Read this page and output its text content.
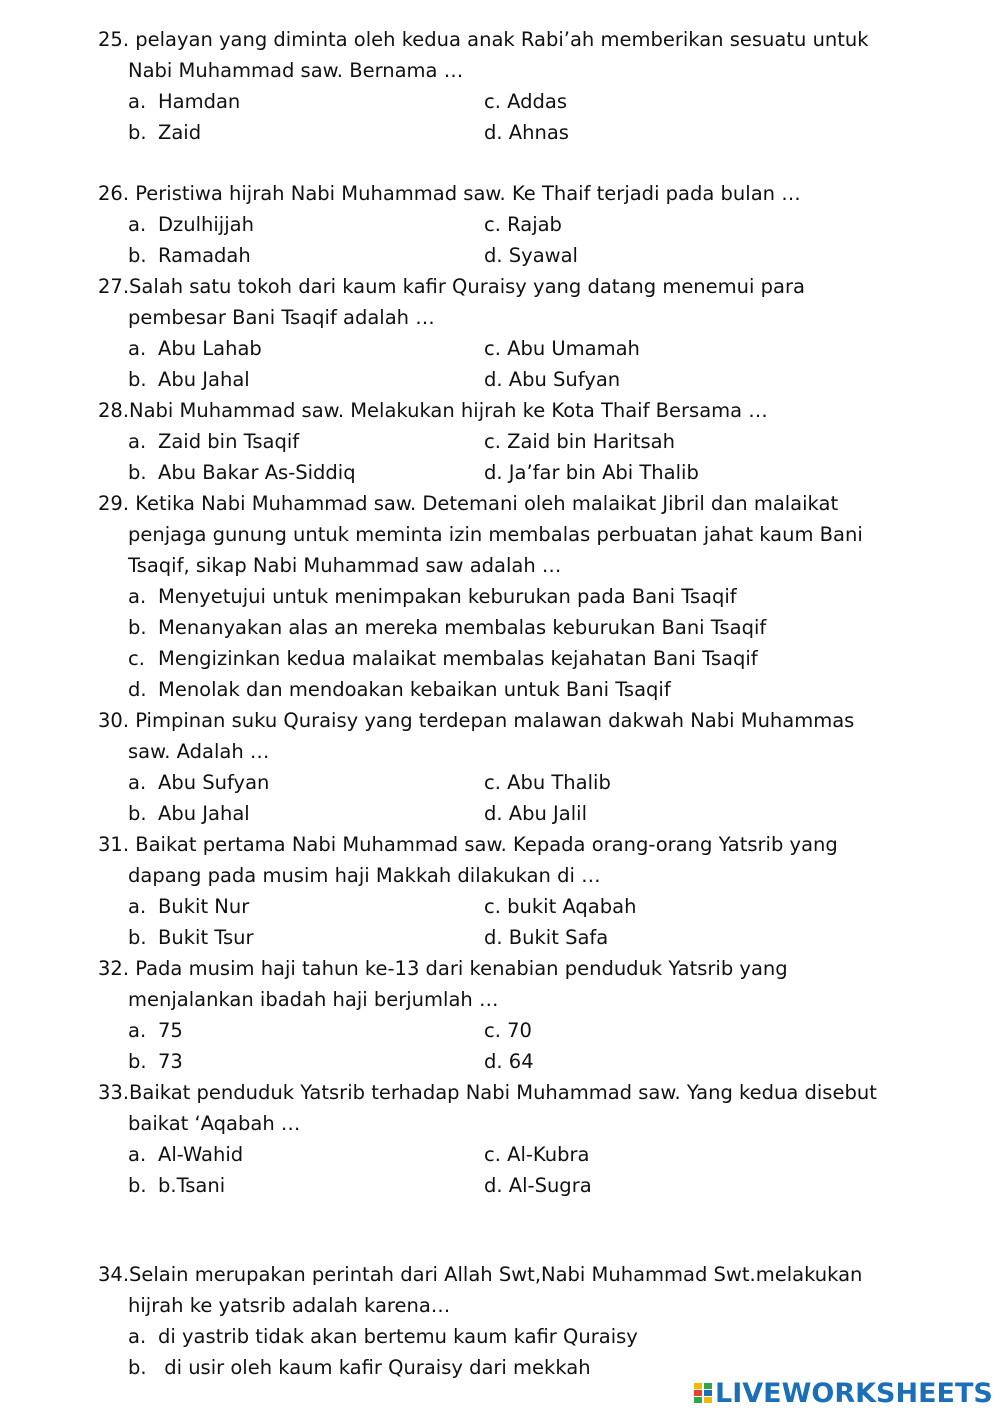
25. pelayan yang diminta oleh kedua anak Rabi’ah memberikan sesuatu untuk
Nabi Muhammad saw. Bernama …
a. Hamdan	c. Addas
b. Zaid	d. Ahnas
26. Peristiwa hijrah Nabi Muhammad saw. Ke Thaif terjadi pada bulan …
a. Dzulhijjah	c. Rajab
b. Ramadah	d. Syawal
27.Salah satu tokoh dari kaum kafir Quraisy yang datang menemui para
pembesar Bani Tsaqif adalah …
a. Abu Lahab	c. Abu Umamah
b. Abu Jahal	d. Abu Sufyan
28.Nabi Muhammad saw. Melakukan hijrah ke Kota Thaif Bersama …
a. Zaid bin Tsaqif	c. Zaid bin Haritsah
b. Abu Bakar As-Siddiq	d. Ja’far bin Abi Thalib
29. Ketika Nabi Muhammad saw. Detemani oleh malaikat Jibril dan malaikat
penjaga gunung untuk meminta izin membalas perbuatan jahat kaum Bani
Tsaqif, sikap Nabi Muhammad saw adalah …
a. Menyetujui untuk menimpakan keburukan pada Bani Tsaqif
b. Menanyakan alas an mereka membalas keburukan Bani Tsaqif
c. Mengizinkan kedua malaikat membalas kejahatan Bani Tsaqif
d. Menolak dan mendoakan kebaikan untuk Bani Tsaqif
30. Pimpinan suku Quraisy yang terdepan malawan dakwah Nabi Muhammas
saw. Adalah …
a. Abu Sufyan	c. Abu Thalib
b. Abu Jahal	d. Abu Jalil
31. Baikat pertama Nabi Muhammad saw. Kepada orang-orang Yatsrib yang
dapang pada musim haji Makkah dilakukan di …
a. Bukit Nur	c. bukit Aqabah
b. Bukit Tsur	d. Bukit Safa
32. Pada musim haji tahun ke-13 dari kenabian penduduk Yatsrib yang
menjalankan ibadah haji berjumlah …
a. 75	c. 70
b. 73	d. 64
33.Baikat penduduk Yatsrib terhadap Nabi Muhammad saw. Yang kedua disebut
baikat ‘Aqabah …
a. Al-Wahid	c. Al-Kubra
b. b.Tsani	d. Al-Sugra
34.Selain merupakan perintah dari Allah Swt,Nabi Muhammad Swt.melakukan
hijrah ke yatsrib adalah karena…
a. di yastrib tidak akan bertemu kaum kafir Quraisy
b. di usir oleh kaum kafir Quraisy dari mekkah
LIVEWORKSHEETS
